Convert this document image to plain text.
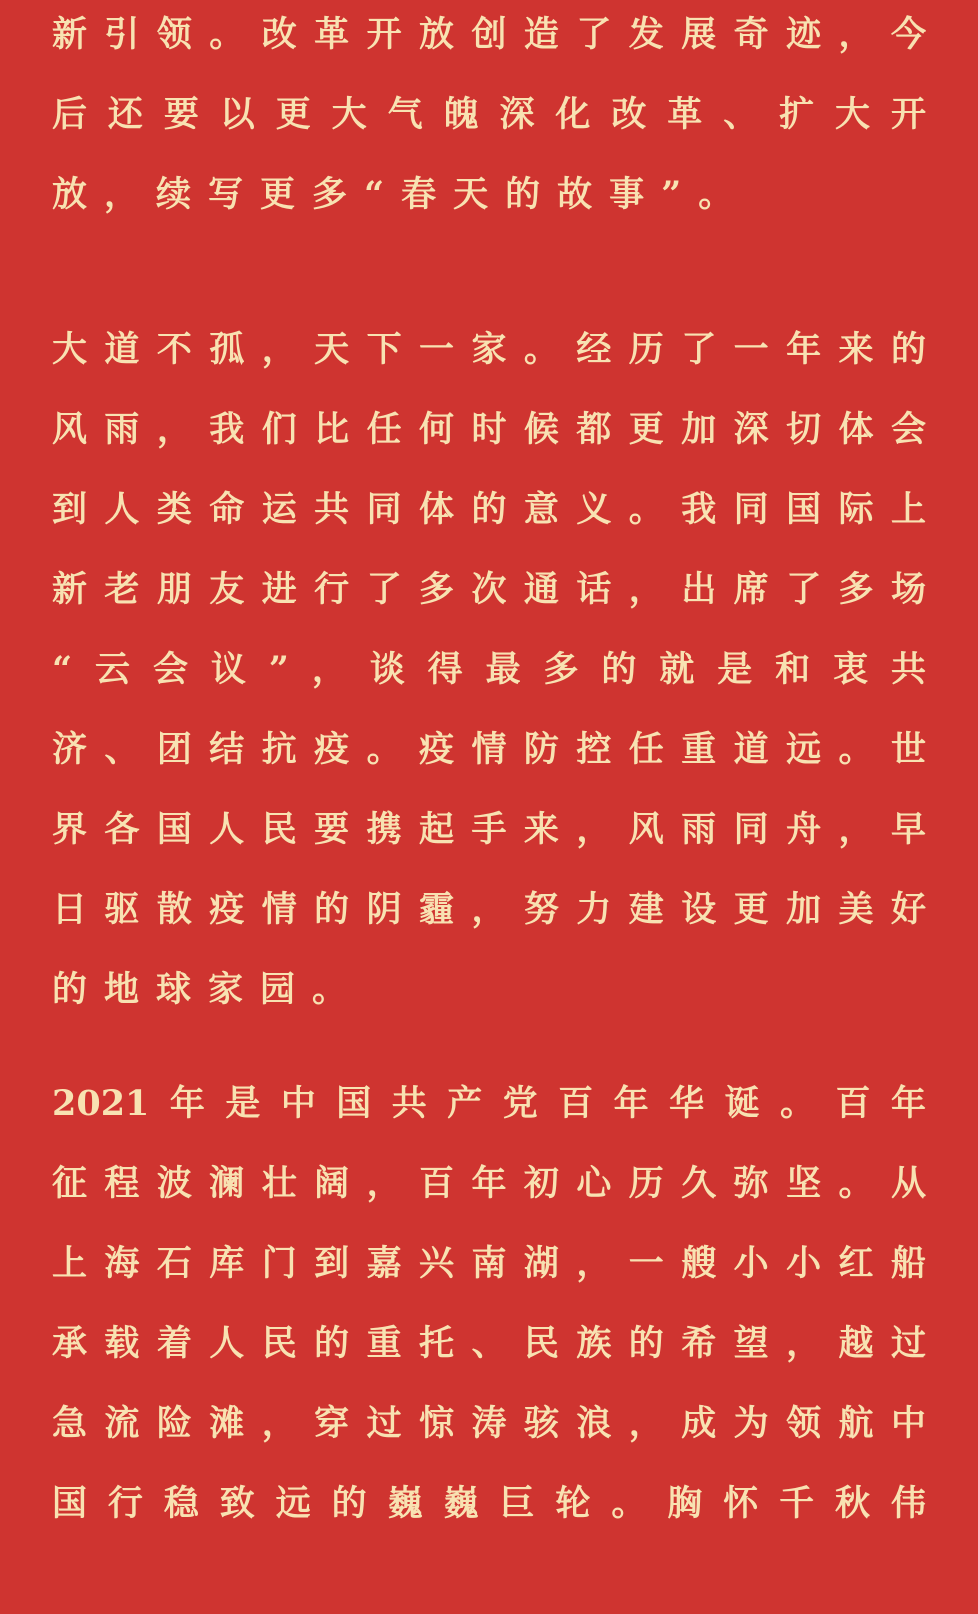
新引领。改革开放创造了发展奇迹，今
后还要以更大气魄深化改革、扩大开
放，续写更多“春天的故事”。
大道不孤，天下一家。经历了一年来的
风雨，我们比任何时候都更加深切体会
到人类命运共同体的意义。我同国际上
新老朋友进行了多次通话，出席了多场
“云会议”，谈得最多的就是和衷共
济、团结抗疫。疫情防控任重道远。世
界各国人民要携起手来，风雨同舟，早
日驱散疫情的阴霾，努力建设更加美好
的地球家园。
2021年是中国共产党百年华诞。百年
征程波澜壮阔，百年初心历久弥坚。从
上海石库门到嘉兴南湖，一艘小小红船
承载着人民的重托、民族的希望，越过
急流险滩，穿过惊涛骇浪，成为领航中
国行稳致远的巍巍巨轮。胸怀千秋伟
